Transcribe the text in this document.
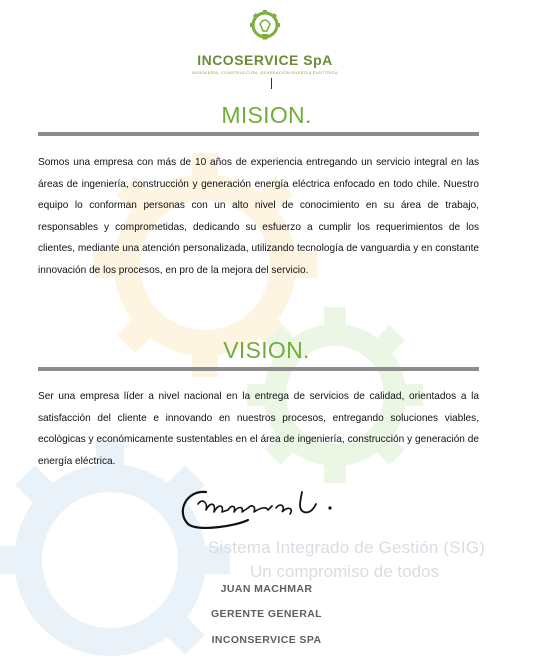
Sistema Integrado de Gestión (SIG)
Un compromiso de todos
INCOSERVICE SpA
INGENIERÍA, CONSTRUCCIÓN, GENERACIÓN ENERGÍA ELÉCTRICA
MISION.
Somos una empresa con más de 10 años de experiencia entregando un servicio integral en las áreas de ingeniería, construcción y generación energía eléctrica enfocado en todo chile. Nuestro equipo lo conforman personas con un alto nivel de conocimiento en su área de trabajo, responsables y comprometidas, dedicando su esfuerzo a cumplir los requerimientos de los clientes, mediante una atención personalizada, utilizando tecnología de vanguardia y en constante innovación de los procesos, en pro de la mejora del servicio.
VISION.
Ser una empresa líder a nivel nacional en la entrega de servicios de calidad, orientados a la satisfacción del cliente e innovando en nuestros procesos, entregando soluciones viables, ecológicas y económicamente sustentables en el área de ingeniería, construcción y generación de energía eléctrica.
JUAN MACHMAR
GERENTE GENERAL
INCONSERVICE SPA
